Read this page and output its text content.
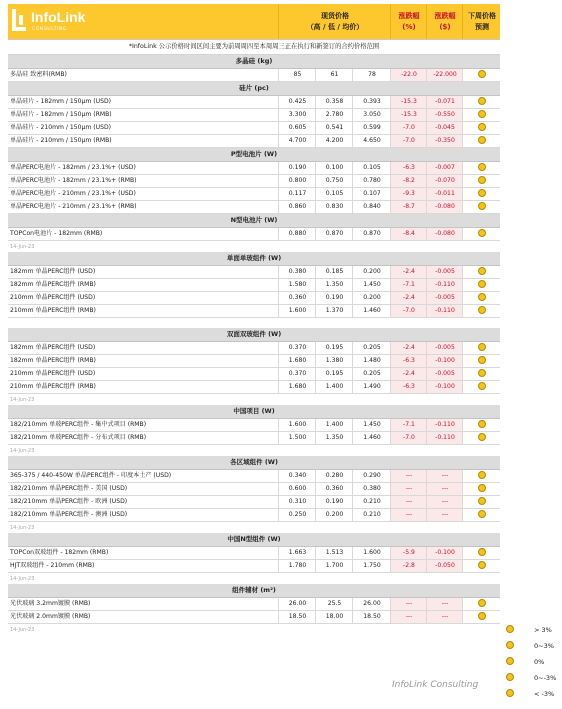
InfoLink
CONSULTING
现货价格
（高 / 低 / 均价）
涨跌幅
(%)
涨跌幅
($)
下周价格
预测
*InfoLink 公示价格时间区间主要为前周周四至本周周三正在执行和新签订的合约价格范围
多晶硅 (kg)
多晶硅 致密料(RMB)	85	61	78	-22.0	-22.000
硅片 (pc)
单晶硅片 - 182mm / 150μm (USD)	0.425	0.358	0.393	-15.3	-0.071
单晶硅片 - 182mm / 150μm (RMB)	3.300	2.780	3.050	-15.3	-0.550
单晶硅片 - 210mm / 150μm (USD)	0.605	0.541	0.599	-7.0	-0.045
单晶硅片 - 210mm / 150μm (RMB)	4.700	4.200	4.650	-7.0	-0.350
P型电池片 (W)
单晶PERC电池片 - 182mm / 23.1%+ (USD)	0.190	0.100	0.105	-6.3	-0.007
单晶PERC电池片 - 182mm / 23.1%+ (RMB)	0.800	0.750	0.780	-8.2	-0.070
单晶PERC电池片 - 210mm / 23.1%+ (USD)	0.117	0.105	0.107	-9.3	-0.011
单晶PERC电池片 - 210mm / 23.1%+ (RMB)	0.860	0.830	0.840	-8.7	-0.080
N型电池片 (W)
TOPCon电池片 - 182mm (RMB)	0.880	0.870	0.870	-8.4	-0.080
14-Jun-23
单面单玻组件 (W)
182mm 单晶PERC组件 (USD)	0.380	0.185	0.200	-2.4	-0.005
182mm 单晶PERC组件 (RMB)	1.580	1.350	1.450	-7.1	-0.110
210mm 单晶PERC组件 (USD)	0.360	0.190	0.200	-2.4	-0.005
210mm 单晶PERC组件 (RMB)	1.600	1.370	1.460	-7.0	-0.110
双面双玻组件 (W)
182mm 单晶PERC组件 (USD)	0.370	0.195	0.205	-2.4	-0.005
182mm 单晶PERC组件 (RMB)	1.680	1.380	1.480	-6.3	-0.100
210mm 单晶PERC组件 (USD)	0.370	0.195	0.205	-2.4	-0.005
210mm 单晶PERC组件 (RMB)	1.680	1.400	1.490	-6.3	-0.100
14-Jun-23
中国项目 (W)
182/210mm 单玻PERC组件 - 集中式项目 (RMB)	1.600	1.400	1.450	-7.1	-0.110
182/210mm 单玻PERC组件 - 分布式项目 (RMB)	1.500	1.350	1.460	-7.0	-0.110
14-Jun-23
各区域组件 (W)
365-375 / 440-450W 单晶PERC组件 - 印度本土产 (USD)	0.340	0.280	0.290	---	---
182/210mm 单晶PERC组件 - 美国 (USD)	0.600	0.360	0.380	---	---
182/210mm 单晶PERC组件 - 欧洲 (USD)	0.310	0.190	0.210	---	---
182/210mm 单晶PERC组件 - 澳洲 (USD)	0.250	0.200	0.210	---	---
14-Jun-23
中国N型组件 (W)
TOPCon双玻组件 - 182mm (RMB)	1.663	1.513	1.600	-5.9	-0.100
HJT双玻组件 - 210mm (RMB)	1.780	1.700	1.750	-2.8	-0.050
14-Jun-23
组件辅材 (m²)
光伏玻璃 3.2mm镀膜 (RMB)	26.00	25.5	26.00	---	---
光伏玻璃 2.0mm镀膜 (RMB)	18.50	18.00	18.50	---	---
14-Jun-23	> 3%
0~3%
0%
0~-3%
< -3%
InfoLink Consulting
